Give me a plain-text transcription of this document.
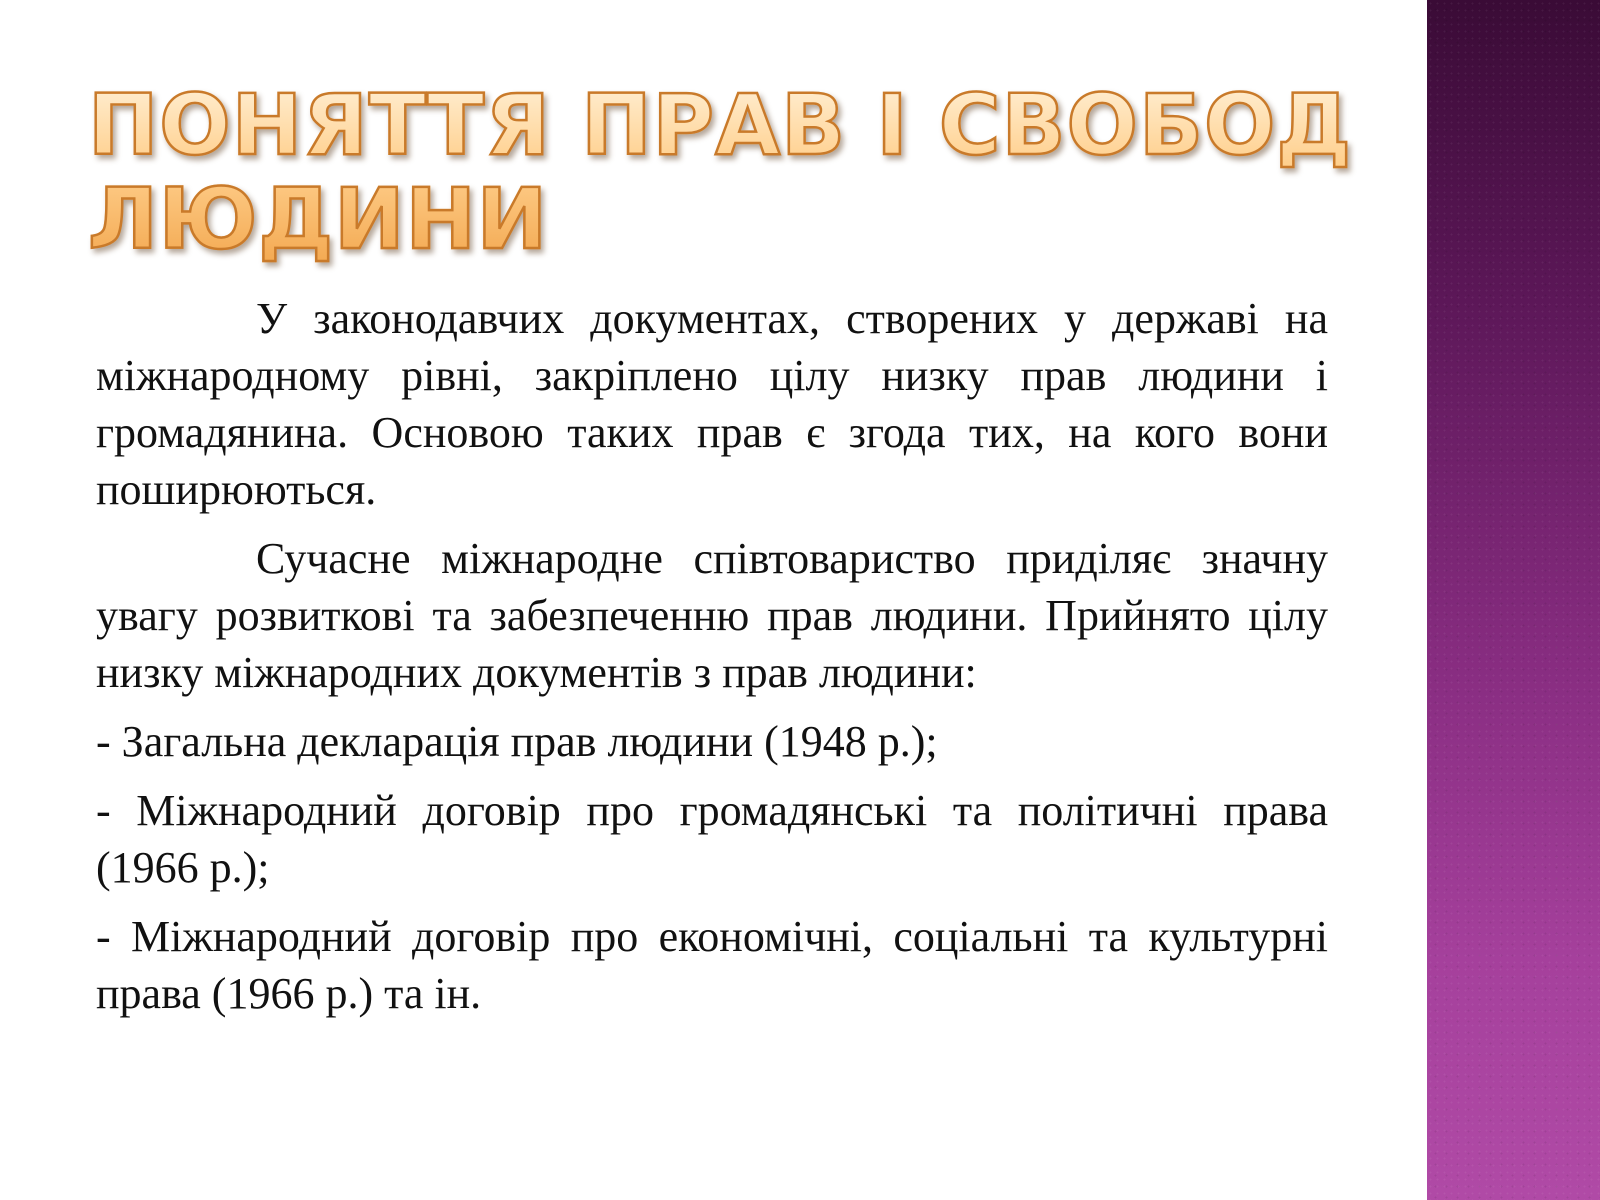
ПОНЯТТЯ ПРАВ І СВОБОД
ЛЮДИНИ

У законодавчих документах, створених у державі на міжнародному рівні, закріплено цілу низку прав людини і громадянина. Основою таких прав є згода тих, на кого вони поширюються.

Сучасне міжнародне співтовариство приділяє значну увагу розвиткові та забезпеченню прав людини. Прийнято цілу низку міжнародних документів з прав людини:

- Загальна декларація прав людини (1948 р.);

- Міжнародний договір про громадянські та політичні права (1966 р.);

- Міжнародний договір про економічні, соціальні та культурні права (1966 р.) та ін.
